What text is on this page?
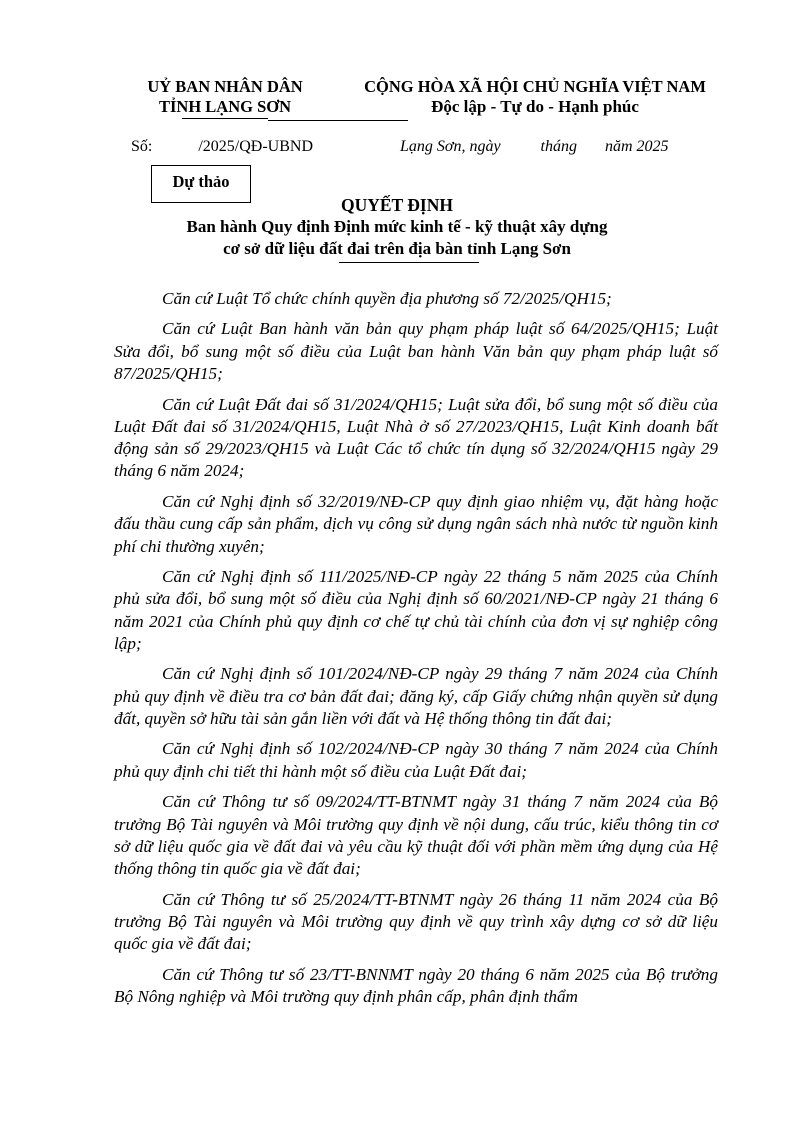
UỶ BAN NHÂN DÂN
TỈNH LẠNG SƠN
CỘNG HÒA XÃ HỘI CHỦ NGHĨA VIỆT NAM
Độc lập - Tự do - Hạnh phúc
Số:	/2025/QĐ-UBND	Lạng Sơn, ngày          tháng       năm 2025
Dự thảo
QUYẾT ĐỊNH
Ban hành Quy định Định mức kinh tế - kỹ thuật xây dựng
cơ sở dữ liệu đất đai trên địa bàn tỉnh Lạng Sơn

Căn cứ Luật Tổ chức chính quyền địa phương số 72/2025/QH15;

Căn cứ Luật Ban hành văn bản quy phạm pháp luật số 64/2025/QH15; Luật Sửa đổi, bổ sung một số điều của Luật ban hành Văn bản quy phạm pháp luật số 87/2025/QH15;

Căn cứ Luật Đất đai số 31/2024/QH15; Luật sửa đổi, bổ sung một số điều của Luật Đất đai số 31/2024/QH15, Luật Nhà ở số 27/2023/QH15, Luật Kinh doanh bất động sản số 29/2023/QH15 và Luật Các tổ chức tín dụng số 32/2024/QH15 ngày 29 tháng 6 năm 2024;

Căn cứ Nghị định số 32/2019/NĐ-CP quy định giao nhiệm vụ, đặt hàng hoặc đấu thầu cung cấp sản phẩm, dịch vụ công sử dụng ngân sách nhà nước từ nguồn kinh phí chi thường xuyên;

Căn cứ Nghị định số 111/2025/NĐ-CP ngày 22 tháng 5 năm 2025 của Chính phủ sửa đổi, bổ sung một số điều của Nghị định số 60/2021/NĐ-CP ngày 21 tháng 6 năm 2021 của Chính phủ quy định cơ chế tự chủ tài chính của đơn vị sự nghiệp công lập;

Căn cứ Nghị định số 101/2024/NĐ-CP ngày 29 tháng 7 năm 2024 của Chính phủ quy định về điều tra cơ bản đất đai; đăng ký, cấp Giấy chứng nhận quyền sử dụng đất, quyền sở hữu tài sản gắn liền với đất và Hệ thống thông tin đất đai;

Căn cứ Nghị định số 102/2024/NĐ-CP ngày 30 tháng 7 năm 2024 của Chính phủ quy định chi tiết thi hành một số điều của Luật Đất đai;

Căn cứ Thông tư số 09/2024/TT-BTNMT ngày 31 tháng 7 năm 2024 của Bộ trưởng Bộ Tài nguyên và Môi trường quy định về nội dung, cấu trúc, kiểu thông tin cơ sở dữ liệu quốc gia về đất đai và yêu cầu kỹ thuật đối với phần mềm ứng dụng của Hệ thống thông tin quốc gia về đất đai;

Căn cứ Thông tư số 25/2024/TT-BTNMT ngày 26 tháng 11 năm 2024 của Bộ trưởng Bộ Tài nguyên và Môi trường quy định về quy trình xây dựng cơ sở dữ liệu quốc gia về đất đai;

Căn cứ Thông tư số 23/TT-BNNMT ngày 20 tháng 6 năm 2025 của Bộ trưởng Bộ Nông nghiệp và Môi trường quy định phân cấp, phân định thẩm
